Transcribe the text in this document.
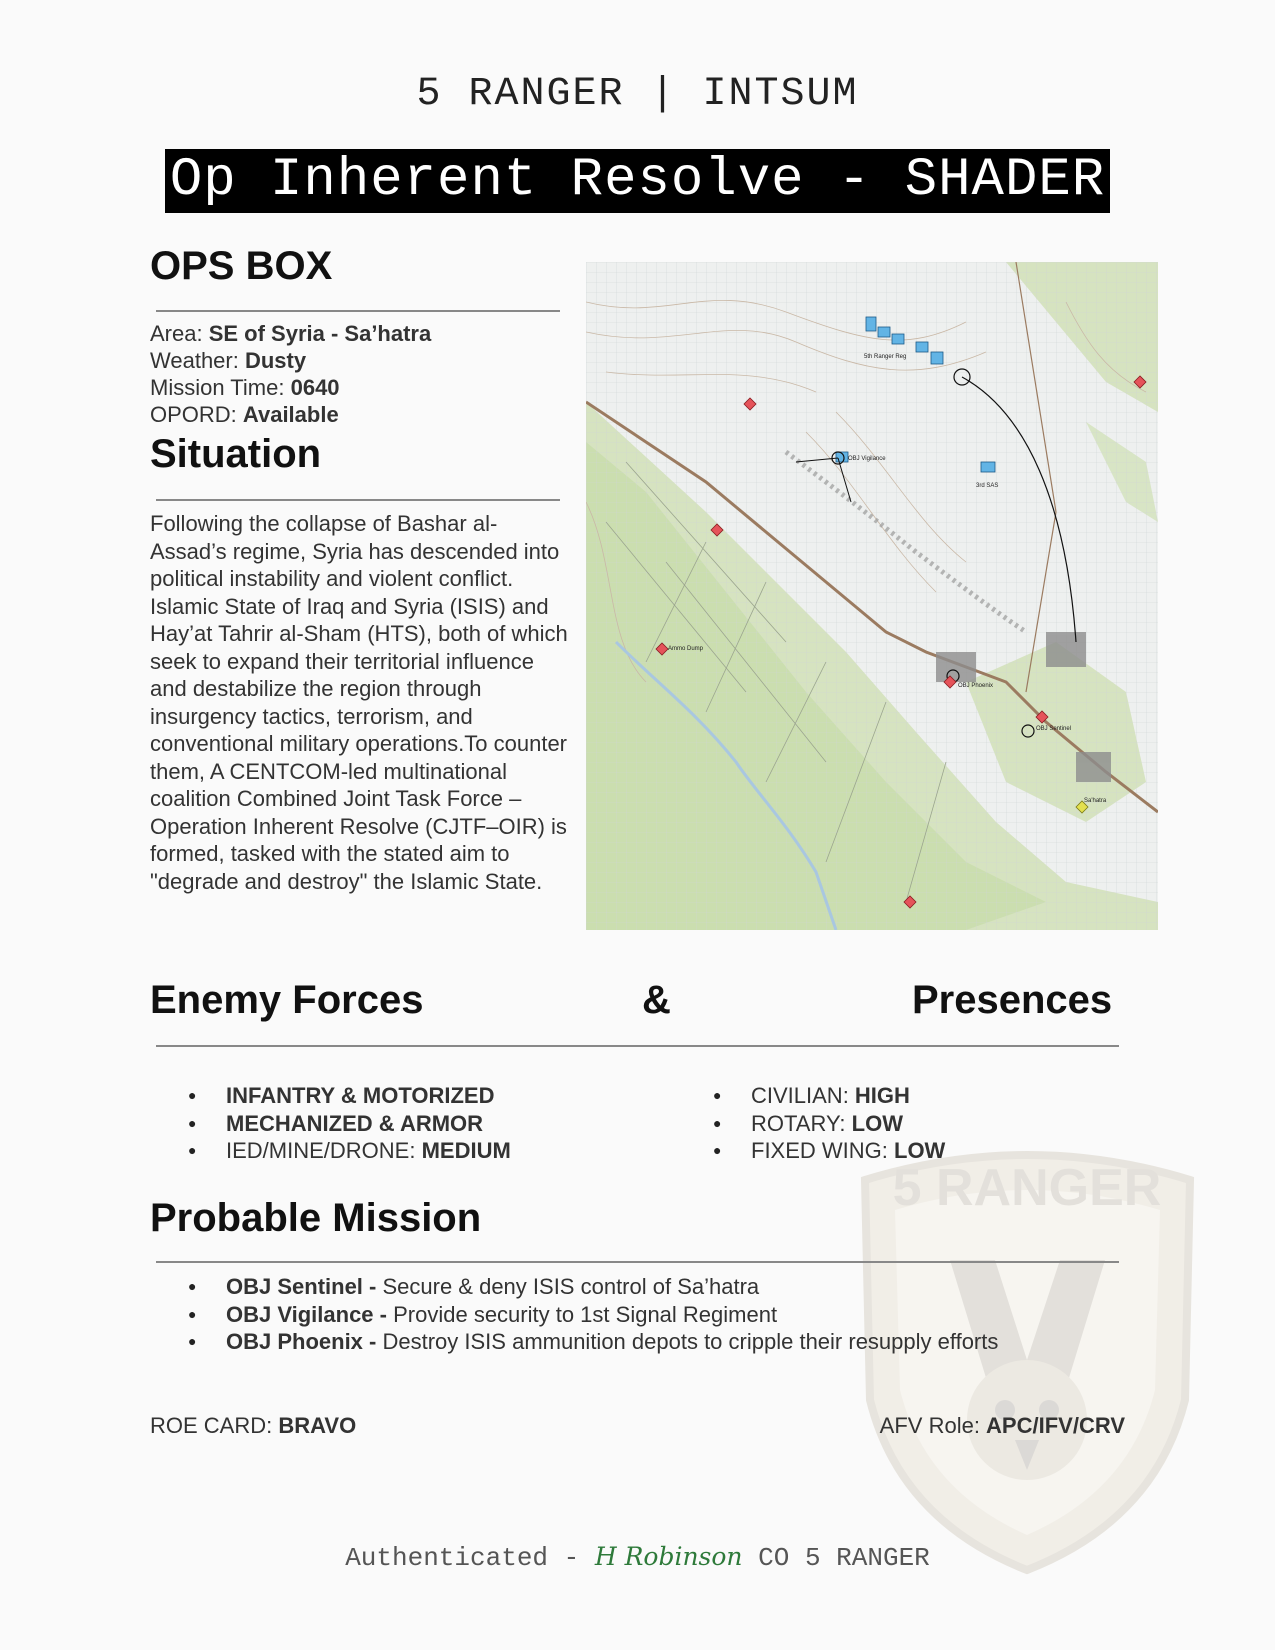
5 RANGER | INTSUM
Op Inherent Resolve - SHADER
OPS BOX
Area: SE of Syria - Sa’hatra
Weather: Dusty
Mission Time: 0640
OPORD: Available
Situation
Following the collapse of Bashar al-Assad’s regime, Syria has descended into political instability and violent conflict. Islamic State of Iraq and Syria (ISIS) and Hay’at Tahrir al-Sham (HTS), both of which seek to expand their territorial influence and destabilize the region through insurgency tactics, terrorism, and conventional military operations.To counter them, A CENTCOM-led multinational coalition Combined Joint Task Force – Operation Inherent Resolve (CJTF–OIR) is formed, tasked with the stated aim to "degrade and destroy" the Islamic State.
OBJ Vigilance
OBJ Phoenix
OBJ Sentinel
5th Ranger Reg
3rd SAS
Ammo Dump
Sa'hatra
5 RANGER
Enemy Forces	&	Presences
● INFANTRY & MOTORIZED
● MECHANIZED & ARMOR
● IED/MINE/DRONE: MEDIUM
● CIVILIAN: HIGH
● ROTARY: LOW
● FIXED WING: LOW
Probable Mission
● OBJ Sentinel - Secure & deny ISIS control of Sa’hatra
● OBJ Vigilance - Provide security to 1st Signal Regiment
● OBJ Phoenix - Destroy ISIS ammunition depots to cripple their resupply efforts
ROE CARD: BRAVO	AFV Role: APC/IFV/CRV
Authenticated - H Robinson CO 5 RANGER
